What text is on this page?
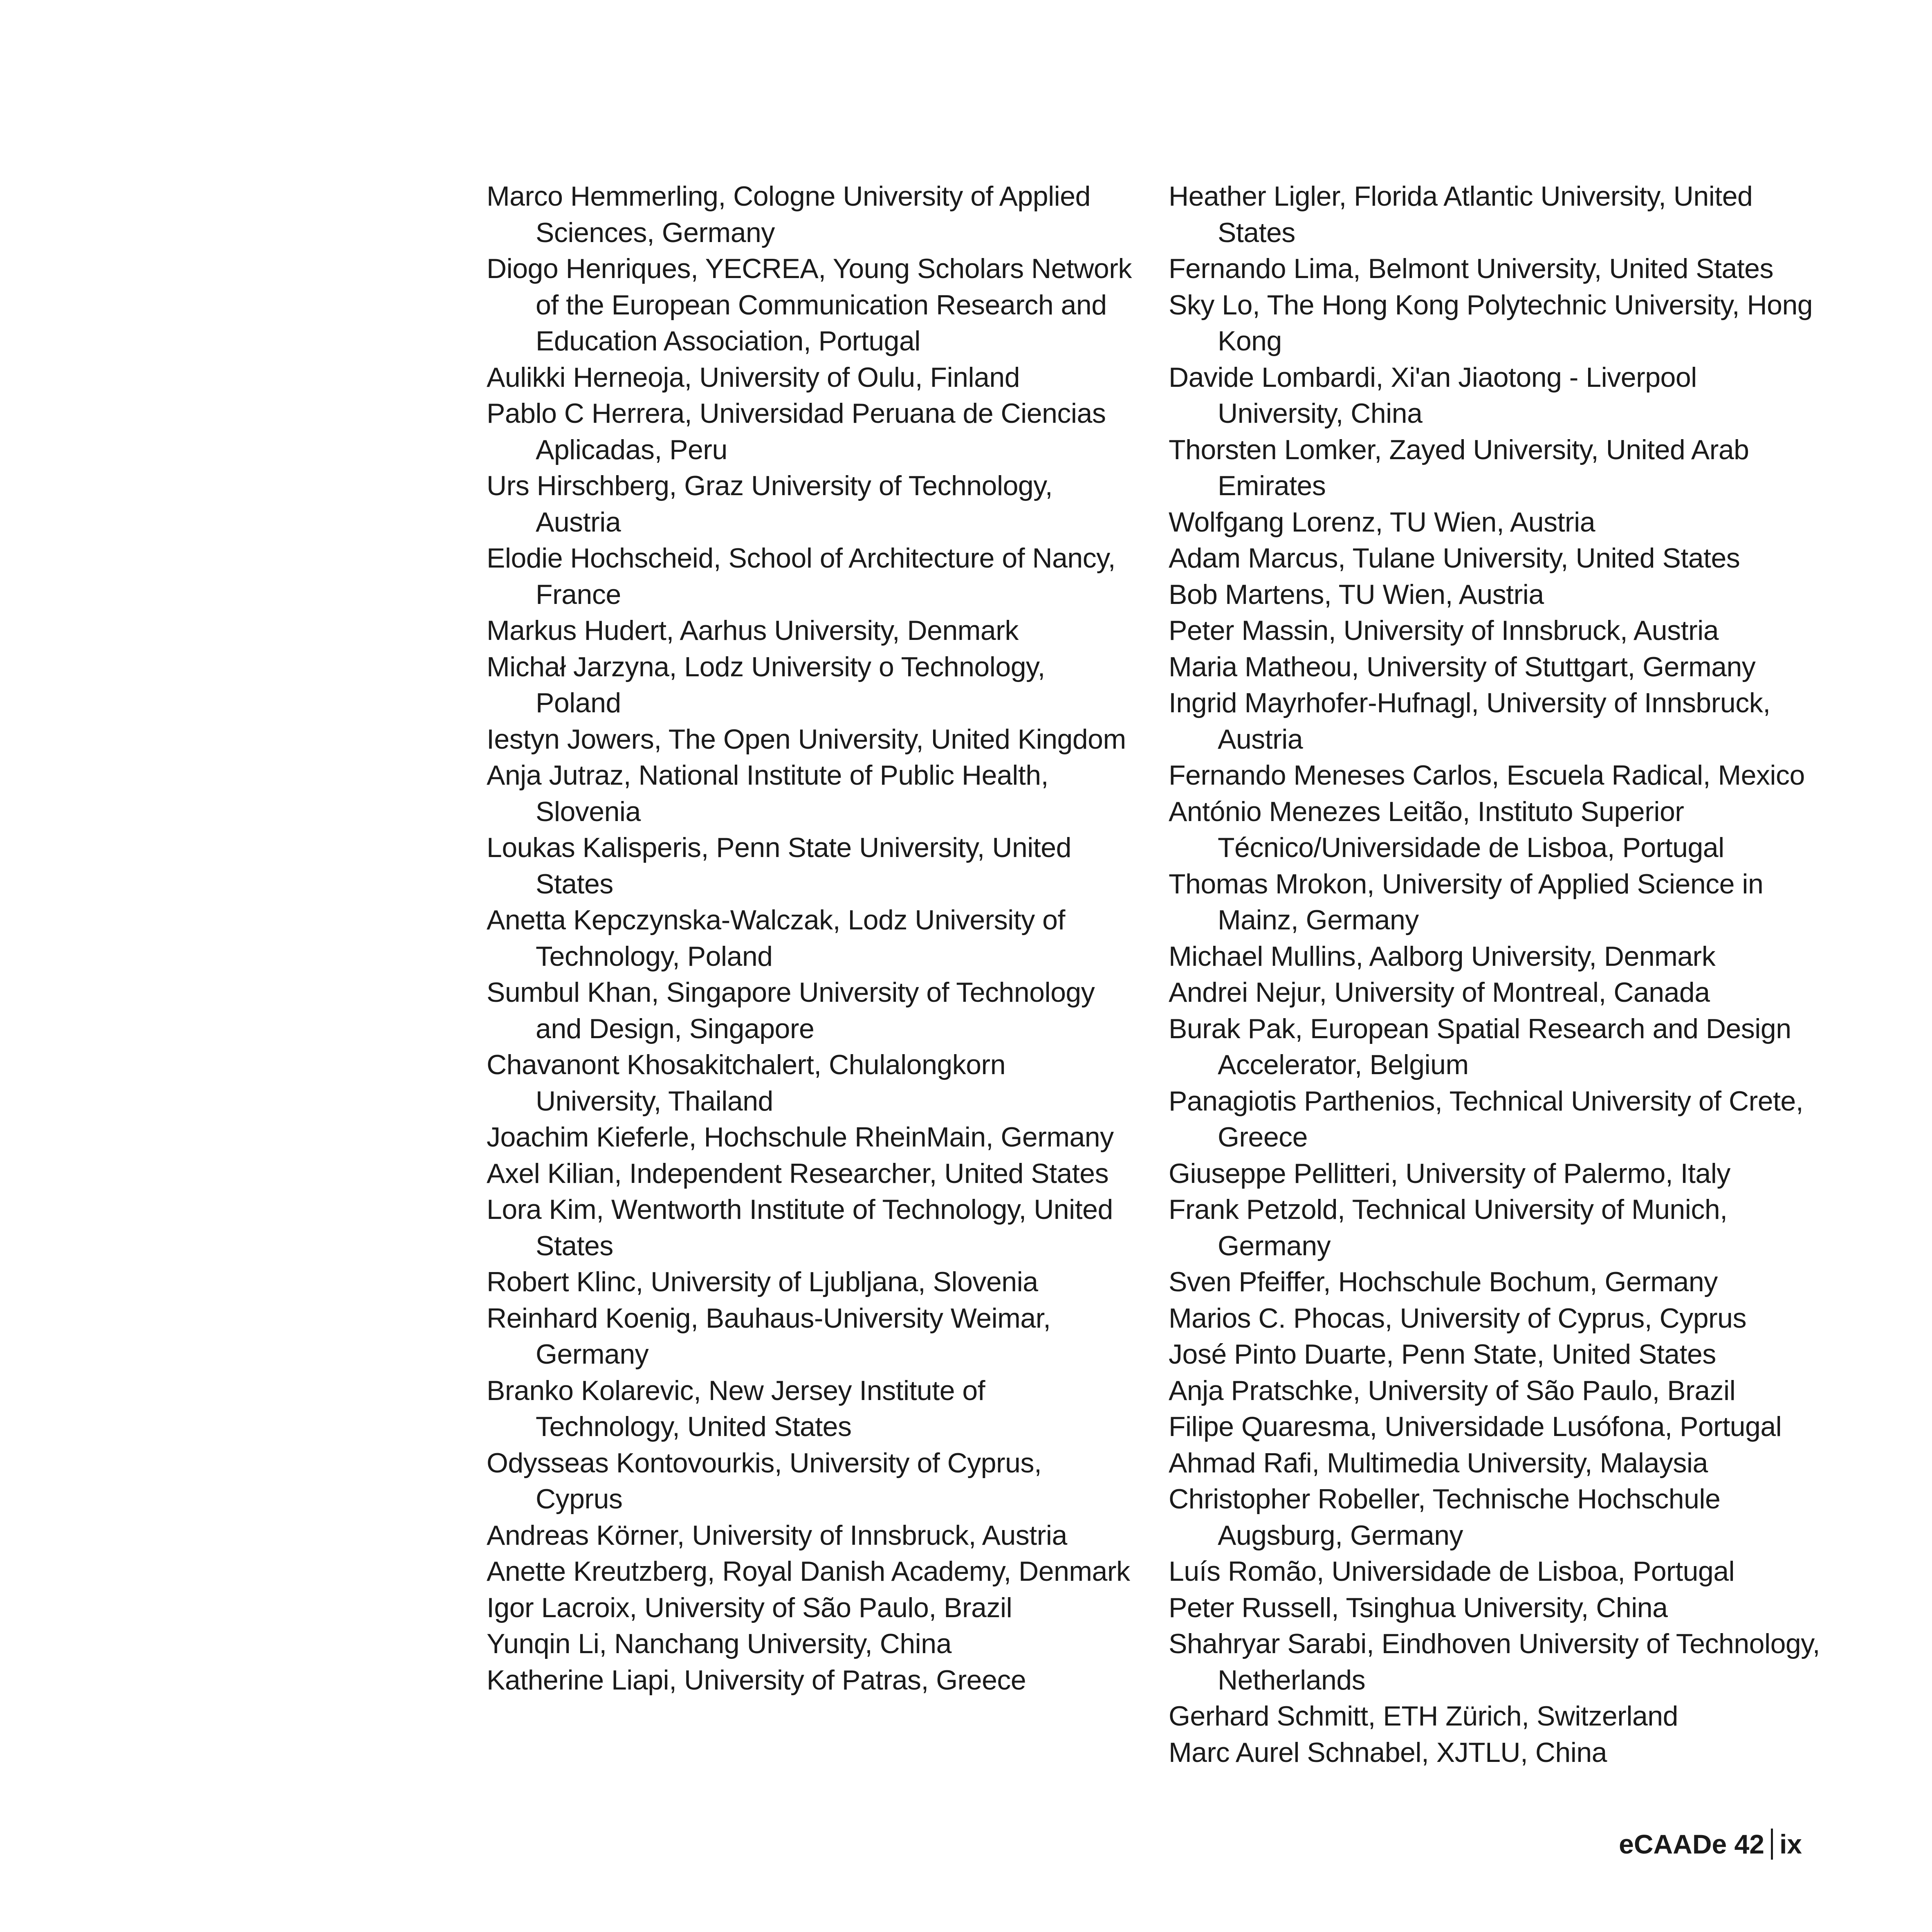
Marco Hemmerling, Cologne University of Applied Sciences, Germany

Diogo Henriques, YECREA, Young Scholars Network of the European Communication Research and Education Association, Portugal

Aulikki Herneoja, University of Oulu, Finland

Pablo C Herrera, Universidad Peruana de Ciencias Aplicadas, Peru

Urs Hirschberg, Graz University of Technology, Austria

Elodie Hochscheid, School of Architecture of Nancy, France

Markus Hudert, Aarhus University, Denmark

Michał Jarzyna, Lodz University o Technology, Poland

Iestyn Jowers, The Open University, United Kingdom

Anja Jutraz, National Institute of Public Health, Slovenia

Loukas Kalisperis, Penn State University, United States

Anetta Kepczynska-Walczak, Lodz University of Technology, Poland

Sumbul Khan, Singapore University of Technology and Design, Singapore

Chavanont Khosakitchalert, Chulalongkorn University, Thailand

Joachim Kieferle, Hochschule RheinMain, Germany

Axel Kilian, Independent Researcher, United States

Lora Kim, Wentworth Institute of Technology, United States

Robert Klinc, University of Ljubljana, Slovenia

Reinhard Koenig, Bauhaus-University Weimar, Germany

Branko Kolarevic, New Jersey Institute of Technology, United States

Odysseas Kontovourkis, University of Cyprus, Cyprus

Andreas Körner, University of Innsbruck, Austria

Anette Kreutzberg, Royal Danish Academy, Denmark

Igor Lacroix, University of São Paulo, Brazil

Yunqin Li, Nanchang University, China

Katherine Liapi, University of Patras, Greece

Heather Ligler, Florida Atlantic University, United States

Fernando Lima, Belmont University, United States

Sky Lo, The Hong Kong Polytechnic University, Hong Kong

Davide Lombardi, Xi'an Jiaotong - Liverpool University, China

Thorsten Lomker, Zayed University, United Arab Emirates

Wolfgang Lorenz, TU Wien, Austria

Adam Marcus, Tulane University, United States

Bob Martens, TU Wien, Austria

Peter Massin, University of Innsbruck, Austria

Maria Matheou, University of Stuttgart, Germany

Ingrid Mayrhofer-Hufnagl, University of Innsbruck, Austria

Fernando Meneses Carlos, Escuela Radical, Mexico

António Menezes Leitão, Instituto Superior Técnico/Universidade de Lisboa, Portugal

Thomas Mrokon, University of Applied Science in Mainz, Germany

Michael Mullins, Aalborg University, Denmark

Andrei Nejur, University of Montreal, Canada

Burak Pak, European Spatial Research and Design Accelerator, Belgium

Panagiotis Parthenios, Technical University of Crete, Greece

Giuseppe Pellitteri, University of Palermo, Italy

Frank Petzold, Technical University of Munich, Germany

Sven Pfeiffer, Hochschule Bochum, Germany

Marios C. Phocas, University of Cyprus, Cyprus

José Pinto Duarte, Penn State, United States

Anja Pratschke, University of São Paulo, Brazil

Filipe Quaresma, Universidade Lusófona, Portugal

Ahmad Rafi, Multimedia University, Malaysia

Christopher Robeller, Technische Hochschule Augsburg, Germany

Luís Romão, Universidade de Lisboa, Portugal

Peter Russell, Tsinghua University, China

Shahryar Sarabi, Eindhoven University of Technology, Netherlands

Gerhard Schmitt, ETH Zürich, Switzerland

Marc Aurel Schnabel, XJTLU, China

eCAADe 42 ix
